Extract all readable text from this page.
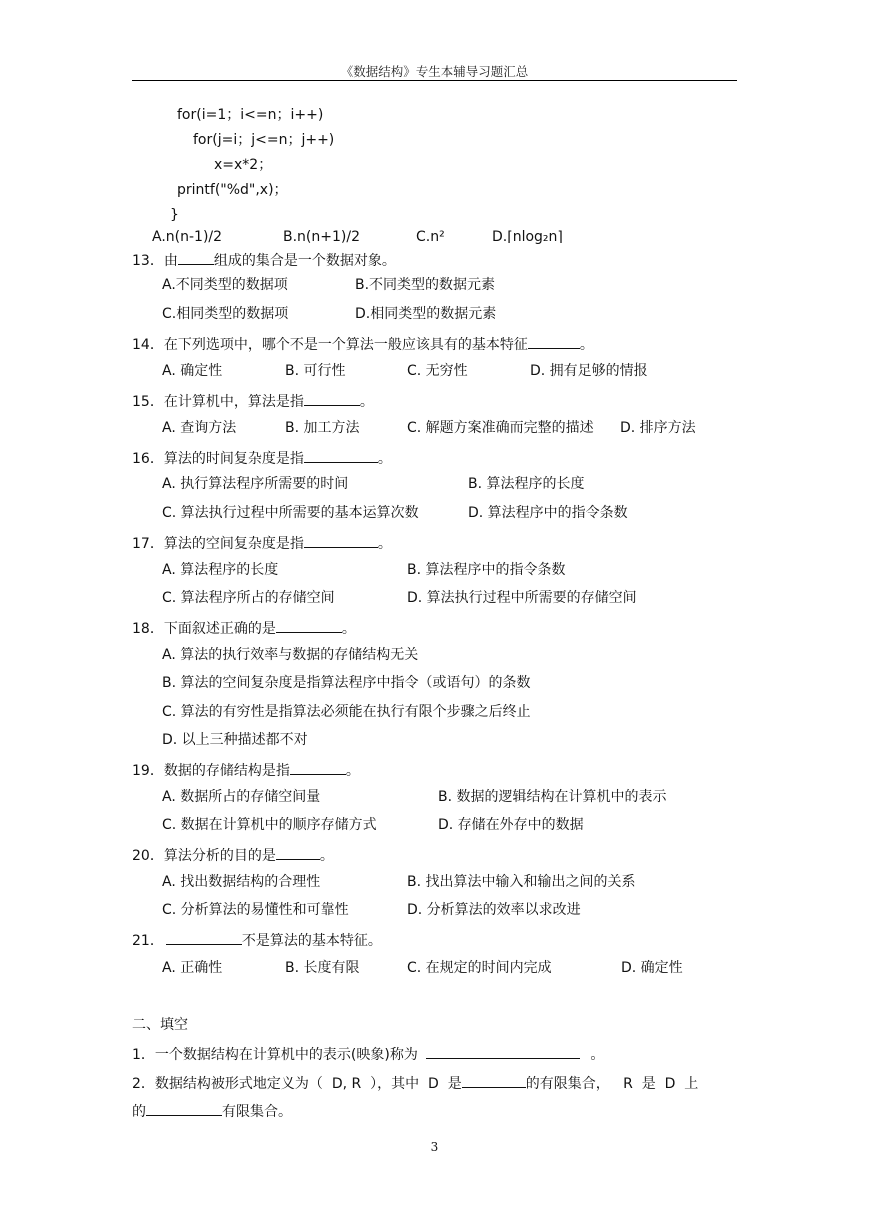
《数据结构》专生本辅导习题汇总
for(i=1；i<=n；i++)
for(j=i；j<=n；j++)
x=x*2；
printf("%d",x)；
}
A.n(n-1)/2	B.n(n+1)/2	C.n²	D.⌈nlog₂n⌉
13．由	组成的集合是一个数据对象。
A.不同类型的数据项	B.不同类型的数据元素
C.相同类型的数据项	D.相同类型的数据元素
14．在下列选项中，哪个不是一个算法一般应该具有的基本特征	。
A. 确定性	B. 可行性	C. 无穷性	D. 拥有足够的情报
15．在计算机中，算法是指	。
A. 查询方法	B. 加工方法	C. 解题方案准确而完整的描述 D. 排序方法
16．算法的时间复杂度是指	。
A. 执行算法程序所需要的时间	B. 算法程序的长度
C. 算法执行过程中所需要的基本运算次数	D. 算法程序中的指令条数
17．算法的空间复杂度是指	。
A. 算法程序的长度	B. 算法程序中的指令条数
C. 算法程序所占的存储空间	D. 算法执行过程中所需要的存储空间
18．下面叙述正确的是	。
A. 算法的执行效率与数据的存储结构无关
B. 算法的空间复杂度是指算法程序中指令（或语句）的条数
C. 算法的有穷性是指算法必须能在执行有限个步骤之后终止
D. 以上三种描述都不对
19．数据的存储结构是指	。
A. 数据所占的存储空间量	B. 数据的逻辑结构在计算机中的表示
C. 数据在计算机中的顺序存储方式	D. 存储在外存中的数据
20．算法分析的目的是	。
A. 找出数据结构的合理性	B. 找出算法中输入和输出之间的关系
C. 分析算法的易懂性和可靠性	D. 分析算法的效率以求改进
21．	不是算法的基本特征。
A. 正确性	B. 长度有限	C. 在规定的时间内完成	D. 确定性
二、填空
1．一个数据结构在计算机中的表示(映象)称为	。
2．数据结构被形式地定义为（  D, R  ），其中  D  是	的有限集合，   R  是  D  上
的	有限集合。
3
